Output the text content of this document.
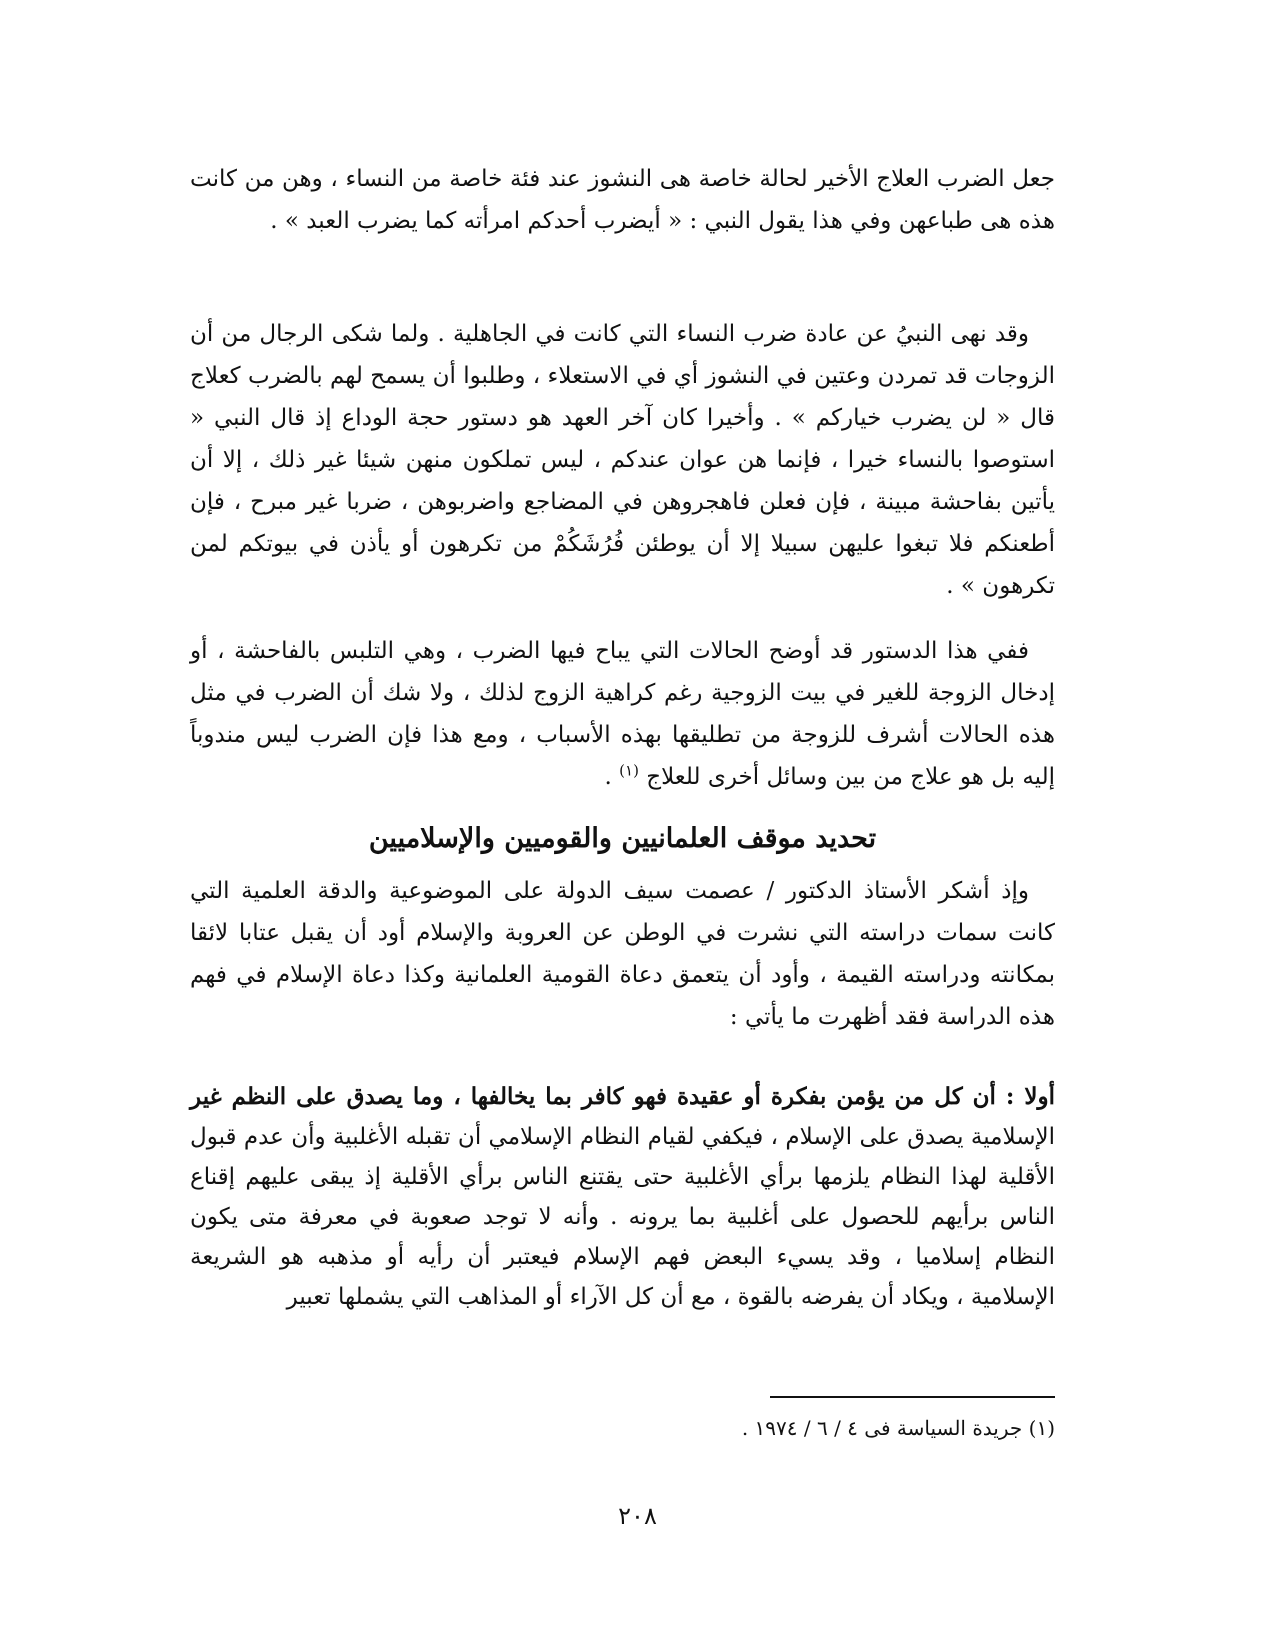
جعل الضرب العلاج الأخير لحالة خاصة هى النشوز عند فئة خاصة من النساء ، وهن من كانت هذه هى طباعهن وفي هذا يقول النبي : « أيضرب أحدكم امرأته كما يضرب العبد » .

وقد نهى النبيُ عن عادة ضرب النساء التي كانت في الجاهلية . ولما شكى الرجال من أن الزوجات قد تمردن وعتين في النشوز أي في الاستعلاء ، وطلبوا أن يسمح لهم بالضرب كعلاج قال « لن يضرب خياركم » . وأخيرا كان آخر العهد هو دستور حجة الوداع إذ قال النبي « استوصوا بالنساء خيرا ، فإنما هن عوان عندكم ، ليس تملكون منهن شيئا غير ذلك ، إلا أن يأتين بفاحشة مبينة ، فإن فعلن فاهجروهن في المضاجع واضربوهن ، ضربا غير مبرح ، فإن أطعنكم فلا تبغوا عليهن سبيلا إلا أن يوطئن فُرُشَكُمْ من تكرهون أو يأذن في بيوتكم لمن تكرهون » .

ففي هذا الدستور قد أوضح الحالات التي يباح فيها الضرب ، وهي التلبس بالفاحشة ، أو إدخال الزوجة للغير في بيت الزوجية رغم كراهية الزوج لذلك ، ولا شك أن الضرب في مثل هذه الحالات أشرف للزوجة من تطليقها بهذه الأسباب ، ومع هذا فإن الضرب ليس مندوباً إليه بل هو علاج من بين وسائل أخرى للعلاج $^{(١)}$ .

تحديد موقف العلمانيين والقوميين والإسلاميين

وإذ أشكر الأستاذ الدكتور / عصمت سيف الدولة على الموضوعية والدقة العلمية التي كانت سمات دراسته التي نشرت في الوطن عن العروبة والإسلام أود أن يقبل عتابا لائقا بمكانته ودراسته القيمة ، وأود أن يتعمق دعاة القومية العلمانية وكذا دعاة الإسلام في فهم هذه الدراسة فقد أظهرت ما يأتي :

أولا : أن كل من يؤمن بفكرة أو عقيدة فهو كافر بما يخالفها ، وما يصدق على النظم غير الإسلامية يصدق على الإسلام ، فيكفي لقيام النظام الإسلامي أن تقبله الأغلبية وأن عدم قبول الأقلية لهذا النظام يلزمها برأي الأغلبية حتى يقتنع الناس برأي الأقلية إذ يبقى عليهم إقناع الناس برأيهم للحصول على أغلبية بما يرونه . وأنه لا توجد صعوبة في معرفة متى يكون النظام إسلاميا ، وقد يسيء البعض فهم الإسلام فيعتبر أن رأيه أو مذهبه هو الشريعة الإسلامية ، ويكاد أن يفرضه بالقوة ، مع أن كل الآراء أو المذاهب التي يشملها تعبير

(١) جريدة السياسة فى ٤ / ٦ / ١٩٧٤ .
٢٠٨
